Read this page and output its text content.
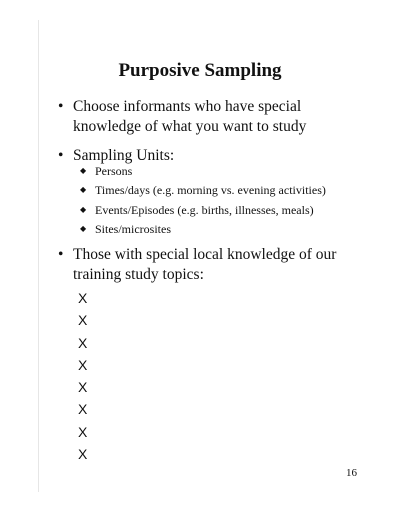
Purposive Sampling
• Choose informants who have special
knowledge of what you want to study
• Sampling Units:
◆ Persons
◆ Times/days (e.g. morning vs. evening activities)
◆ Events/Episodes (e.g. births, illnesses, meals)
◆ Sites/microsites
• Those with special local knowledge of our
training study topics:
X
X
X
X
X
X
X
X
16
